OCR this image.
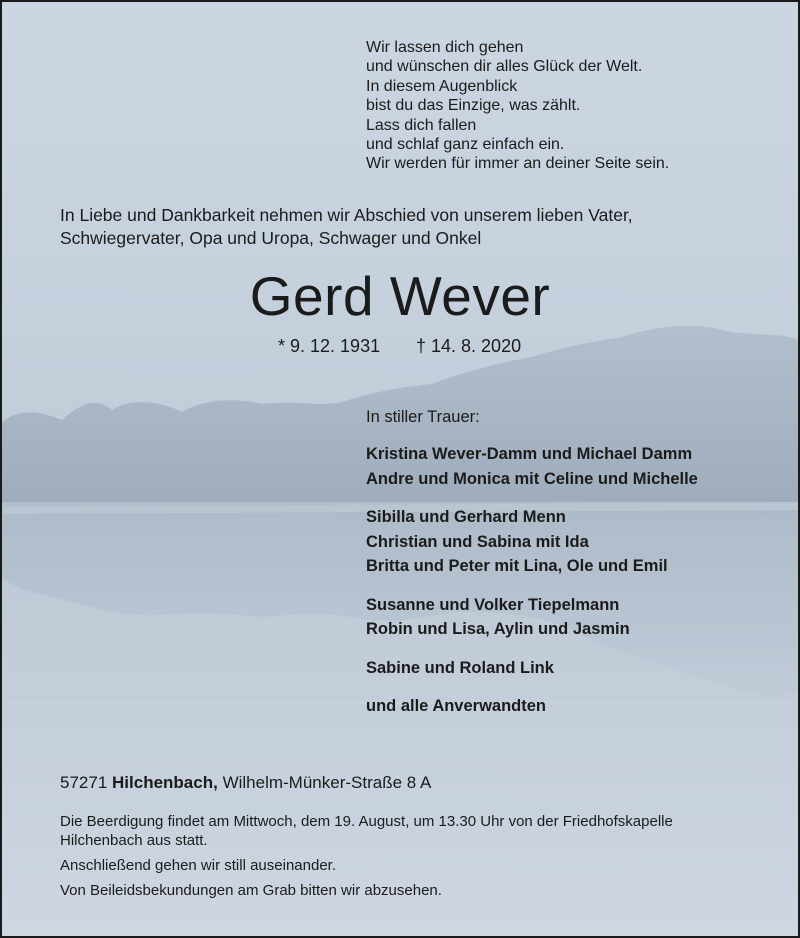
Wir lassen dich gehen
und wünschen dir alles Glück der Welt.
In diesem Augenblick
bist du das Einzige, was zählt.
Lass dich fallen
und schlaf ganz einfach ein.
Wir werden für immer an deiner Seite sein.
In Liebe und Dankbarkeit nehmen wir Abschied von unserem lieben Vater,
Schwiegervater, Opa und Uropa, Schwager und Onkel
Gerd Wever
* 9. 12. 1931 † 14. 8. 2020
In stiller Trauer:
Kristina Wever-Damm und Michael Damm
Andre und Monica mit Celine und Michelle
Sibilla und Gerhard Menn
Christian und Sabina mit Ida
Britta und Peter mit Lina, Ole und Emil
Susanne und Volker Tiepelmann
Robin und Lisa, Aylin und Jasmin
Sabine und Roland Link
und alle Anverwandten
57271 Hilchenbach, Wilhelm-Münker-Straße 8 A
Die Beerdigung findet am Mittwoch, dem 19. August, um 13.30 Uhr von der Friedhofskapelle
Hilchenbach aus statt.
Anschließend gehen wir still auseinander.
Von Beileidsbekundungen am Grab bitten wir abzusehen.
